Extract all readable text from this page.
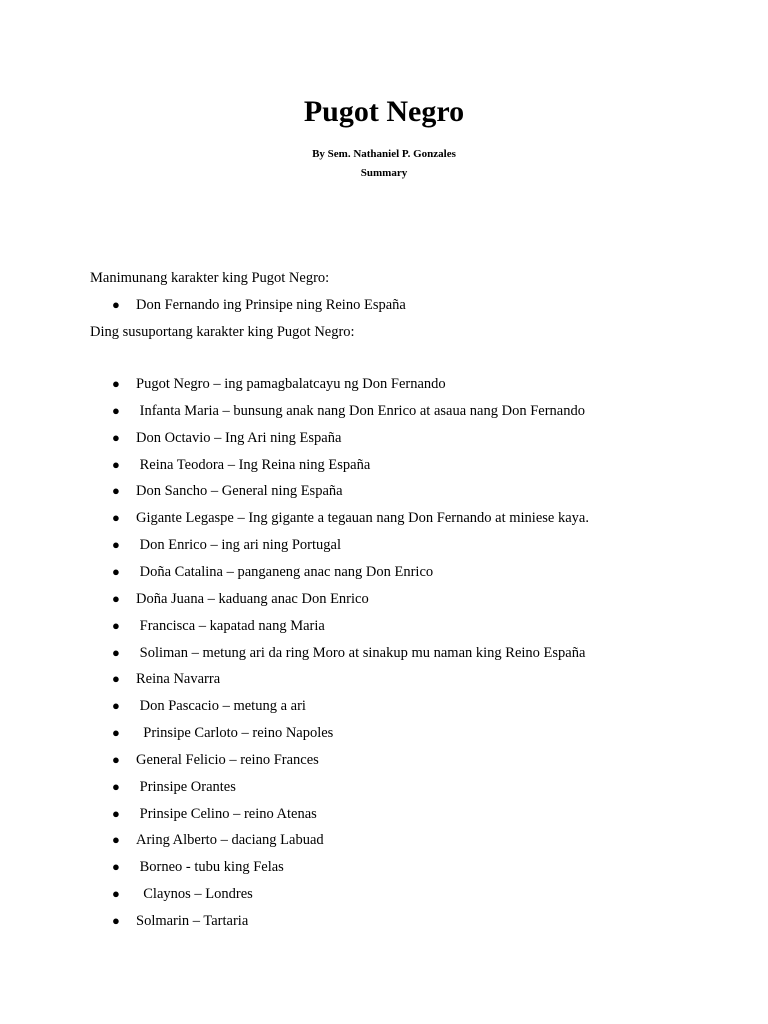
Pugot Negro
By Sem. Nathaniel P. Gonzales
Summary
Manimunang karakter king Pugot Negro:
● Don Fernando ing Prinsipe ning Reino España
Ding susuportang karakter king Pugot Negro:
● Pugot Negro – ing pamagbalatcayu ng Don Fernando
● Infanta Maria – bunsung anak nang Don Enrico at asaua nang Don Fernando
● Don Octavio – Ing Ari ning España
● Reina Teodora – Ing Reina ning España
● Don Sancho – General ning España
● Gigante Legaspe – Ing gigante a tegauan nang Don Fernando at miniese kaya.
● Don Enrico – ing ari ning Portugal
● Doña Catalina – panganeng anac nang Don Enrico
● Doña Juana – kaduang anac Don Enrico
● Francisca – kapatad nang Maria
● Soliman – metung ari da ring Moro at sinakup mu naman king Reino España
● Reina Navarra
● Don Pascacio – metung a ari
● Prinsipe Carloto – reino Napoles
● General Felicio – reino Frances
● Prinsipe Orantes
● Prinsipe Celino – reino Atenas
● Aring Alberto – daciang Labuad
● Borneo - tubu king Felas
● Claynos – Londres
● Solmarin – Tartaria
